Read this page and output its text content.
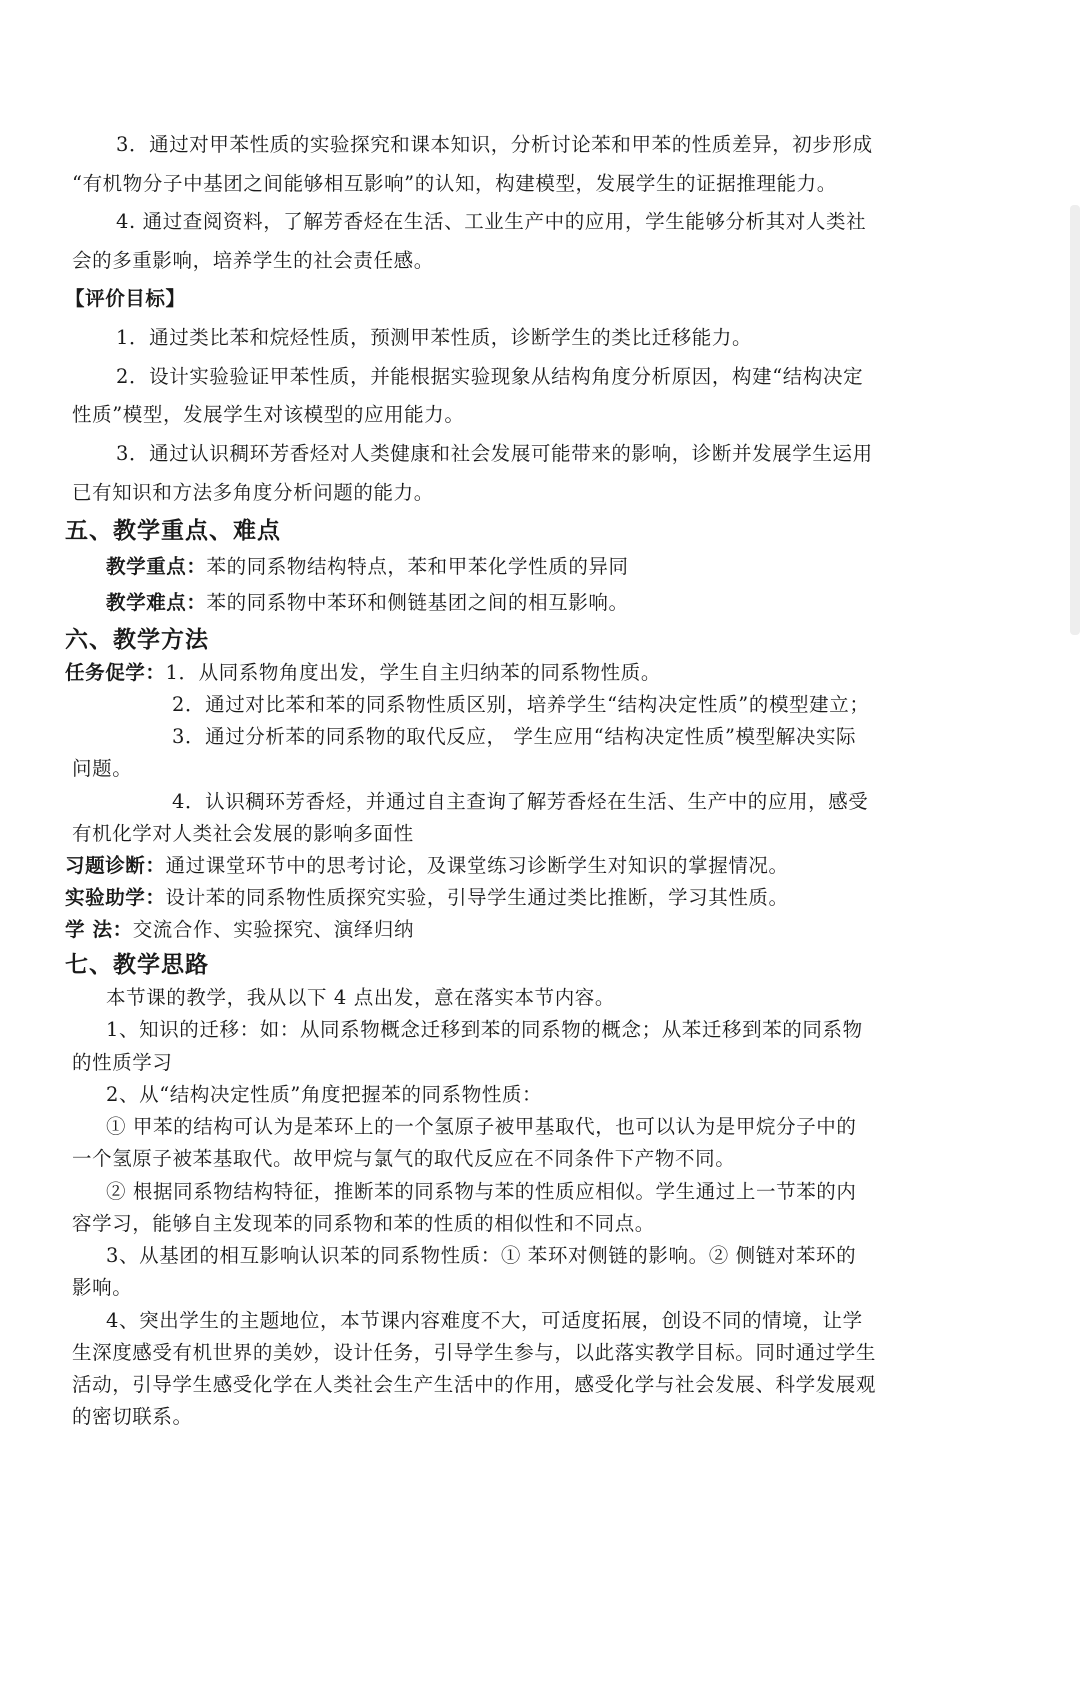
3．通过对甲苯性质的实验探究和课本知识，分析讨论苯和甲苯的性质差异，初步形成
“有机物分子中基团之间能够相互影响”的认知，构建模型，发展学生的证据推理能力。
4. 通过查阅资料，了解芳香烃在生活、工业生产中的应用，学生能够分析其对人类社
会的多重影响，培养学生的社会责任感。
【评价目标】
1．通过类比苯和烷烃性质，预测甲苯性质，诊断学生的类比迁移能力。
2．设计实验验证甲苯性质，并能根据实验现象从结构角度分析原因，构建“结构决定
性质”模型，发展学生对该模型的应用能力。
3．通过认识稠环芳香烃对人类健康和社会发展可能带来的影响，诊断并发展学生运用
已有知识和方法多角度分析问题的能力。
五、教学重点、难点
教学重点：苯的同系物结构特点，苯和甲苯化学性质的异同
教学难点：苯的同系物中苯环和侧链基团之间的相互影响。
六、教学方法
任务促学：1．从同系物角度出发，学生自主归纳苯的同系物性质。
2．通过对比苯和苯的同系物性质区别，培养学生“结构决定性质”的模型建立；
3．通过分析苯的同系物的取代反应， 学生应用“结构决定性质”模型解决实际
问题。
4．认识稠环芳香烃，并通过自主查询了解芳香烃在生活、生产中的应用，感受
有机化学对人类社会发展的影响多面性
习题诊断：通过课堂环节中的思考讨论，及课堂练习诊断学生对知识的掌握情况。
实验助学：设计苯的同系物性质探究实验，引导学生通过类比推断，学习其性质。
学 法：交流合作、实验探究、演绎归纳
七、教学思路
本节课的教学，我从以下 4 点出发，意在落实本节内容。
1、知识的迁移：如：从同系物概念迁移到苯的同系物的概念；从苯迁移到苯的同系物
的性质学习
2、从“结构决定性质”角度把握苯的同系物性质：
① 甲苯的结构可认为是苯环上的一个氢原子被甲基取代，也可以认为是甲烷分子中的
一个氢原子被苯基取代。故甲烷与氯气的取代反应在不同条件下产物不同。
② 根据同系物结构特征，推断苯的同系物与苯的性质应相似。学生通过上一节苯的内
容学习，能够自主发现苯的同系物和苯的性质的相似性和不同点。
3、从基团的相互影响认识苯的同系物性质：① 苯环对侧链的影响。② 侧链对苯环的
影响。
4、突出学生的主题地位，本节课内容难度不大，可适度拓展，创设不同的情境，让学
生深度感受有机世界的美妙，设计任务，引导学生参与，以此落实教学目标。同时通过学生
活动，引导学生感受化学在人类社会生产生活中的作用，感受化学与社会发展、科学发展观
的密切联系。
